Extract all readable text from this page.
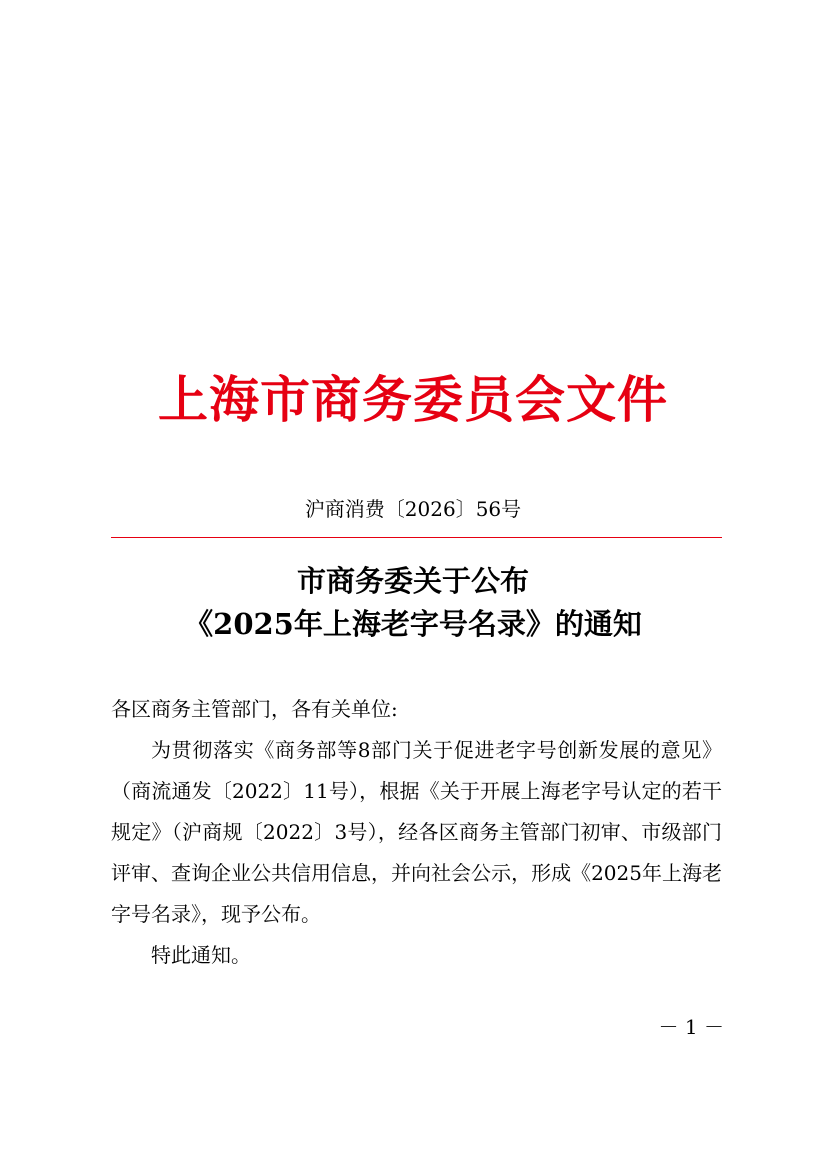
上海市商务委员会文件
沪商消费〔2026〕56号
市商务委关于公布
《2025年上海老字号名录》的通知
各区商务主管部门，各有关单位:

为贯彻落实《商务部等8部门关于促进老字号创新发展的意见》（商流通发〔2022〕11号），根据《关于开展上海老字号认定的若干规定》（沪商规〔2022〕3号），经各区商务主管部门初审、市级部门评审、查询企业公共信用信息，并向社会公示，形成《2025年上海老字号名录》，现予公布。

特此通知。
－ 1 －
